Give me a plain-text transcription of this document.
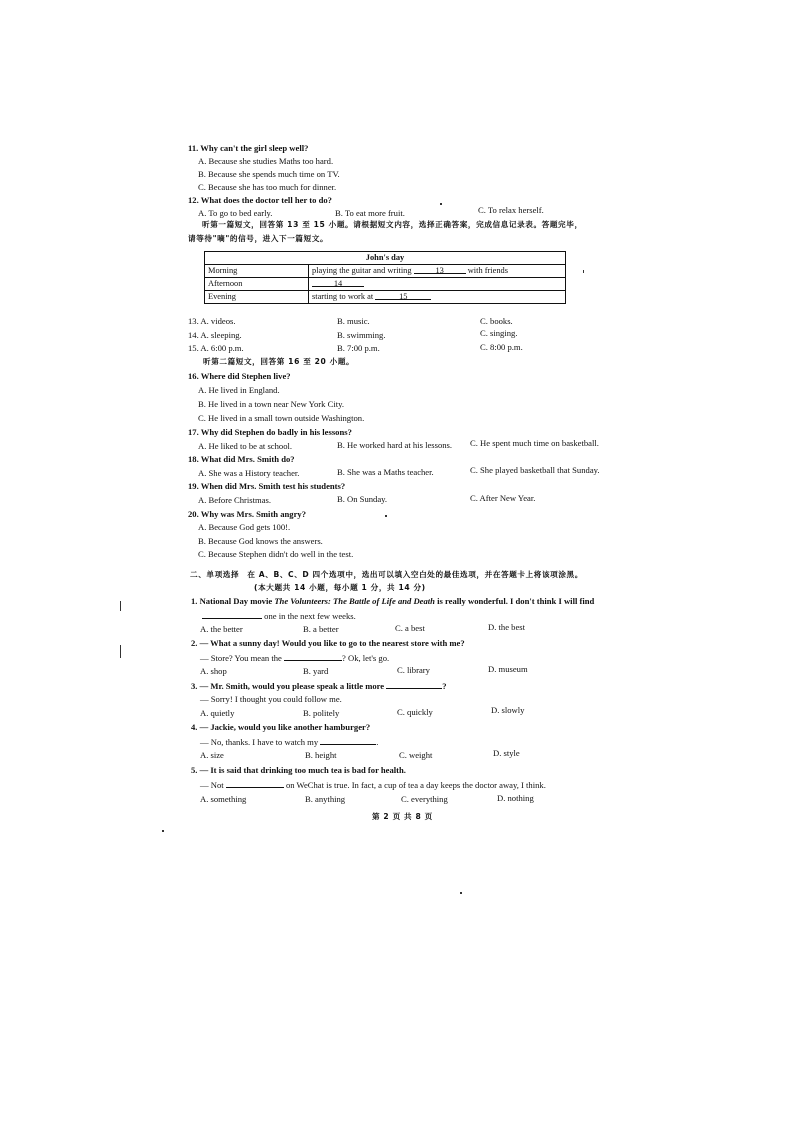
11. Why can't the girl sleep well?
A. Because she studies Maths too hard.
B. Because she spends much time on TV.
C. Because she has too much for dinner.
12. What does the doctor tell her to do?
A. To go to bed early.	B. To eat more fruit.	C. To relax herself.
听第一篇短文，回答第 13 至 15 小题。请根据短文内容，选择正确答案，完成信息记录表。答题完毕，
请等待"嘀"的信号，进入下一篇短文。
John's day	
Morning	playing the guitar and writing 13 with friends
Afternoon	14
Evening	starting to work at 15
13. A. videos.	B. music.	C. books.
14. A. sleeping.	B. swimming.	C. singing.
15. A. 6:00 p.m.	B. 7:00 p.m.	C. 8:00 p.m.
听第二篇短文，回答第 16 至 20 小题。
16. Where did Stephen live?
A. He lived in England.
B. He lived in a town near New York City.
C. He lived in a small town outside Washington.
17. Why did Stephen do badly in his lessons?
A. He liked to be at school.	B. He worked hard at his lessons. C. He spent much time on basketball.
18. What did Mrs. Smith do?
A. She was a History teacher.	B. She was a Maths teacher.	C. She played basketball that Sunday.
19. When did Mrs. Smith test his students?
A. Before Christmas.	B. On Sunday.	C. After New Year.
20. Why was Mrs. Smith angry?
A. Because God gets 100!.
B. Because God knows the answers.
C. Because Stephen didn't do well in the test.
二、单项选择　在 A、B、C、D 四个选项中，选出可以填入空白处的最佳选项，并在答题卡上将该项涂黑。
(本大题共 14 小题，每小题 1 分，共 14 分)
1. National Day movie The Volunteers: The Battle of Life and Death is really wonderful. I don't think I will find
one in the next few weeks.
A. the better	B. a better	C. a best	D. the best
2. — What a sunny day! Would you like to go to the nearest store with me?
— Store? You mean the	? Ok, let's go.
A. shop	B. yard	C. library	D. museum
3. — Mr. Smith, would you please speak a little more	?
— Sorry! I thought you could follow me.
A. quietly	B. politely	C. quickly	D. slowly
4. — Jackie, would you like another hamburger?
— No, thanks. I have to watch my	.
A. size	B. height	C. weight	D. style
5. — It is said that drinking too much tea is bad for health.
— Not	on WeChat is true. In fact, a cup of tea a day keeps the doctor away, I think.
A. something	B. anything	C. everything	D. nothing
第 2 页 共 8 页
